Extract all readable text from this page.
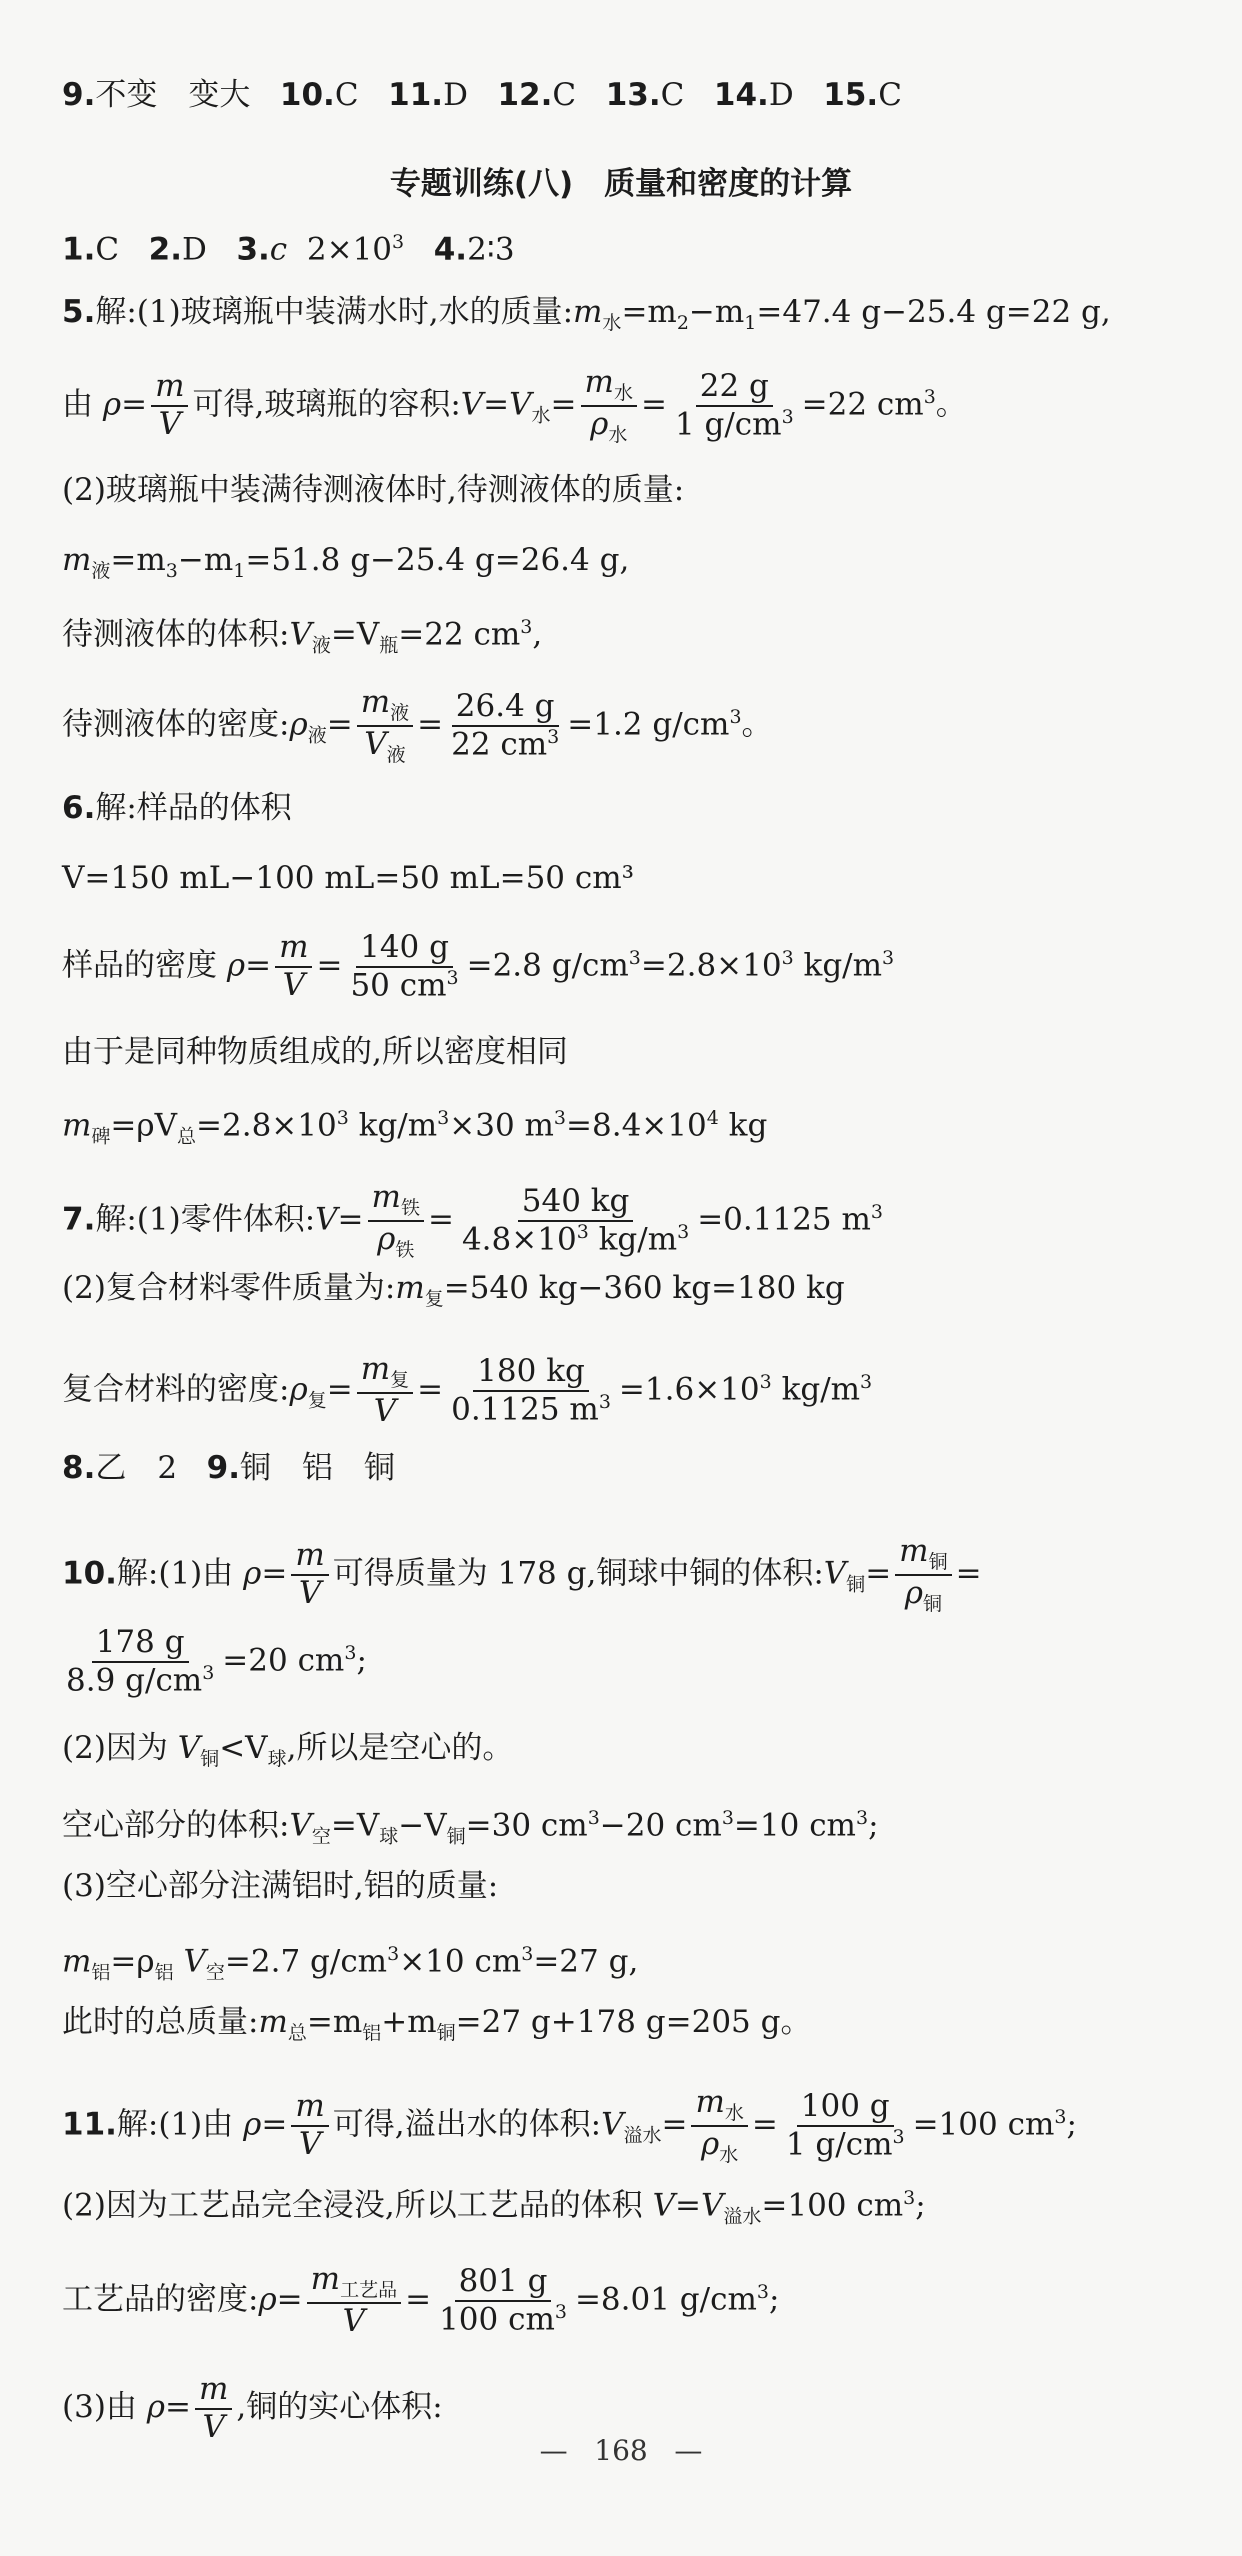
9.不变　变大 10.C 11.D 12.C 13.C 14.D 15.C
专题训练(八)　质量和密度的计算
1.C 2.D 3.c $2\times 10^3$ 4.2∶3
5.解:(1)玻璃瓶中装满水时,水的质量$:m_水=m_2-m_1=47.4$ g−25.4 g=22 g,
由 $\rho= \frac{m}{V}$ 可得,玻璃瓶的容积$:V=V_水= \frac{m_水}{\rho_水} = \frac{22 g}{1 g/cm^3} =22$ $cm^3$。
(2)玻璃瓶中装满待测液体时,待测液体的质量:
$m_液=m_3-m_1=51.8$ g−25.4 g=26.4 g,
待测液体的体积$:V_液=V_瓶=22$ $cm^3$,
待测液体的密度$:\rho_液= \frac{m_液}{V_液} = \frac{26.4 g}{22 cm^3} =1.2$ $g/cm^3$。
6.解:样品的体积
V=150 mL−100 mL=50 mL=50 cm³
样品的密度 $\rho= \frac{m}{V} = \frac{140 g}{50 cm^3} =2.8$ $g/cm^3=2.8\times 10^3$ $kg/m^3$
由于是同种物质组成的,所以密度相同
$m_碑=\rho V_总=2.8\times 10^3$ $kg/m^3\times 30$ $m^3=8.4\times 10^4$ kg
7.解:(1)零件体积:V= $\frac{m_铁}{\rho_铁} = \frac{540 kg}{4.8\times 10^3 kg/m^3} =0.1125$ $m^3$
(2)复合材料零件质量为$:m_复=540$ kg−360 kg=180 kg
复合材料的密度$:\rho_复= \frac{m_复}{V} = \frac{180 kg}{0.1125 m^3} =1.6\times 10^3$ $kg/m^3$
8.乙　2 9.铜　铝　铜
10.解:(1)由 $\rho= \frac{m}{V}$ 可得质量为 178 g,铜球中铜的体积$:V_铜= \frac{m_铜}{\rho_铜}$ =
$\frac{178 g}{8.9 g/cm^3} =20$ $cm^3$;
(2)因为 $V_铜<V_球$,所以是空心的。
空心部分的体积$:V_空=V_球-V_铜=30$ $cm^3-20$ $cm^3=10$ $cm^3$;
(3)空心部分注满铝时,铝的质量:
$m_铝=\rho_铝$ $V_空=2.7$ $g/cm^3\times 10$ $cm^3=27$ g,
此时的总质量$:m_总=m_铝+m_铜=27$ g+178 g=205 g。
11.解:(1)由 $\rho= \frac{m}{V}$ 可得,溢出水的体积$:V_{溢水}= \frac{m_水}{\rho_水} = \frac{100 g}{1 g/cm^3} =100$ $cm^3$;
(2)因为工艺品完全浸没,所以工艺品的体积 $V=V_{溢水}=100$ $cm^3$;
工艺品的密度:ρ= $\frac{m_{工艺品}}{V} = \frac{801 g}{100 cm^3} =8.01$ $g/cm^3$;
(3)由 $\rho= \frac{m}{V}$ ,铜的实心体积:
—   168   —
